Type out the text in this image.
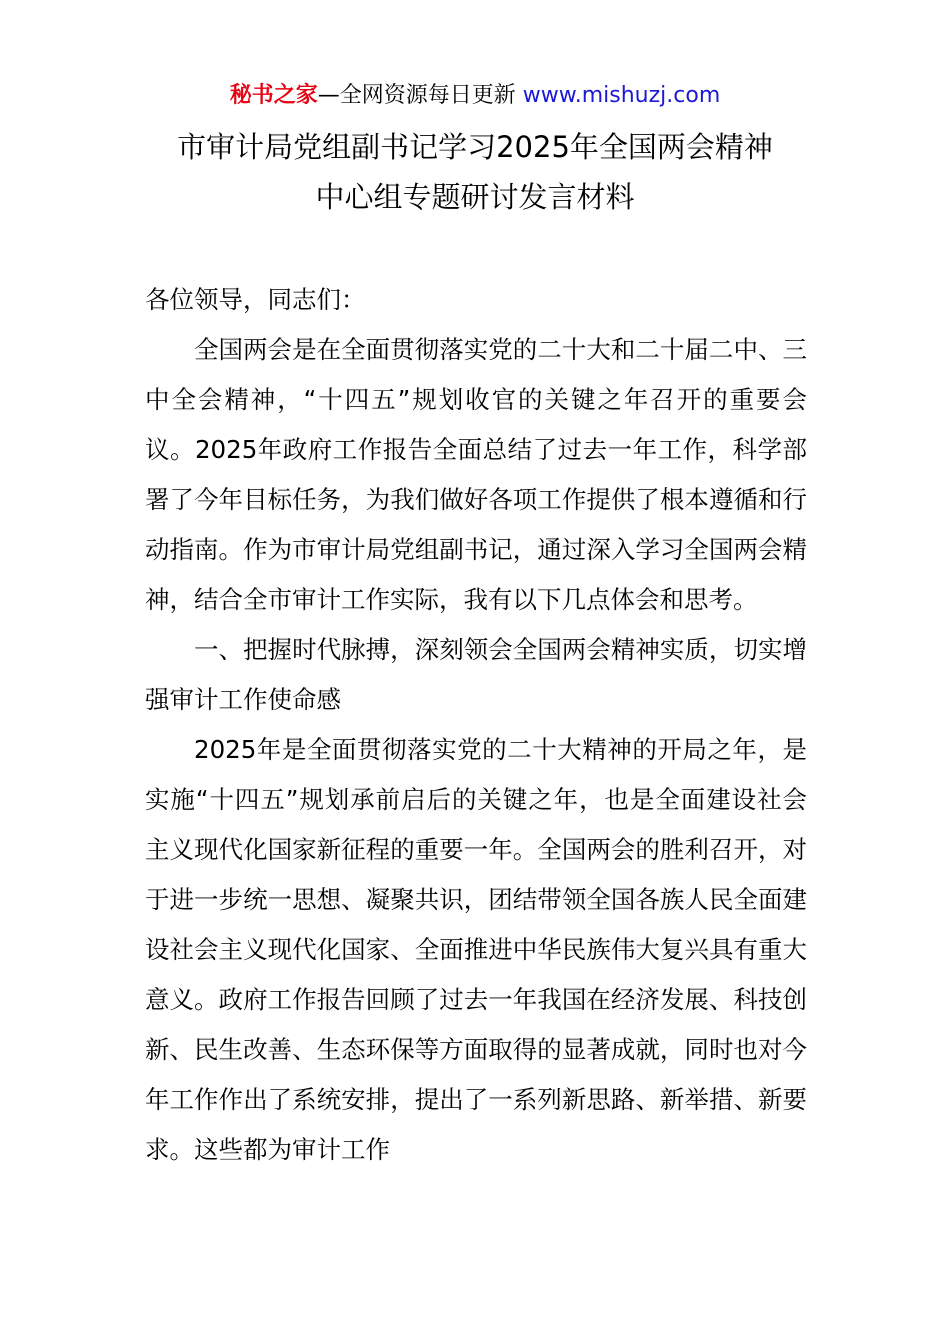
秘书之家—全网资源每日更新 www.mishuzj.com
市审计局党组副书记学习2025年全国两会精神
中心组专题研讨发言材料

各位领导，同志们：

全国两会是在全面贯彻落实党的二十大和二十届二中、三中全会精神，“十四五”规划收官的关键之年召开的重要会议。2025年政府工作报告全面总结了过去一年工作，科学部署了今年目标任务，为我们做好各项工作提供了根本遵循和行动指南。作为市审计局党组副书记，通过深入学习全国两会精神，结合全市审计工作实际，我有以下几点体会和思考。

一、把握时代脉搏，深刻领会全国两会精神实质，切实增强审计工作使命感

2025年是全面贯彻落实党的二十大精神的开局之年，是实施“十四五”规划承前启后的关键之年，也是全面建设社会主义现代化国家新征程的重要一年。全国两会的胜利召开，对于进一步统一思想、凝聚共识，团结带领全国各族人民全面建设社会主义现代化国家、全面推进中华民族伟大复兴具有重大意义。政府工作报告回顾了过去一年我国在经济发展、科技创新、民生改善、生态环保等方面取得的显著成就，同时也对今年工作作出了系统安排，提出了一系列新思路、新举措、新要求。这些都为审计工作
